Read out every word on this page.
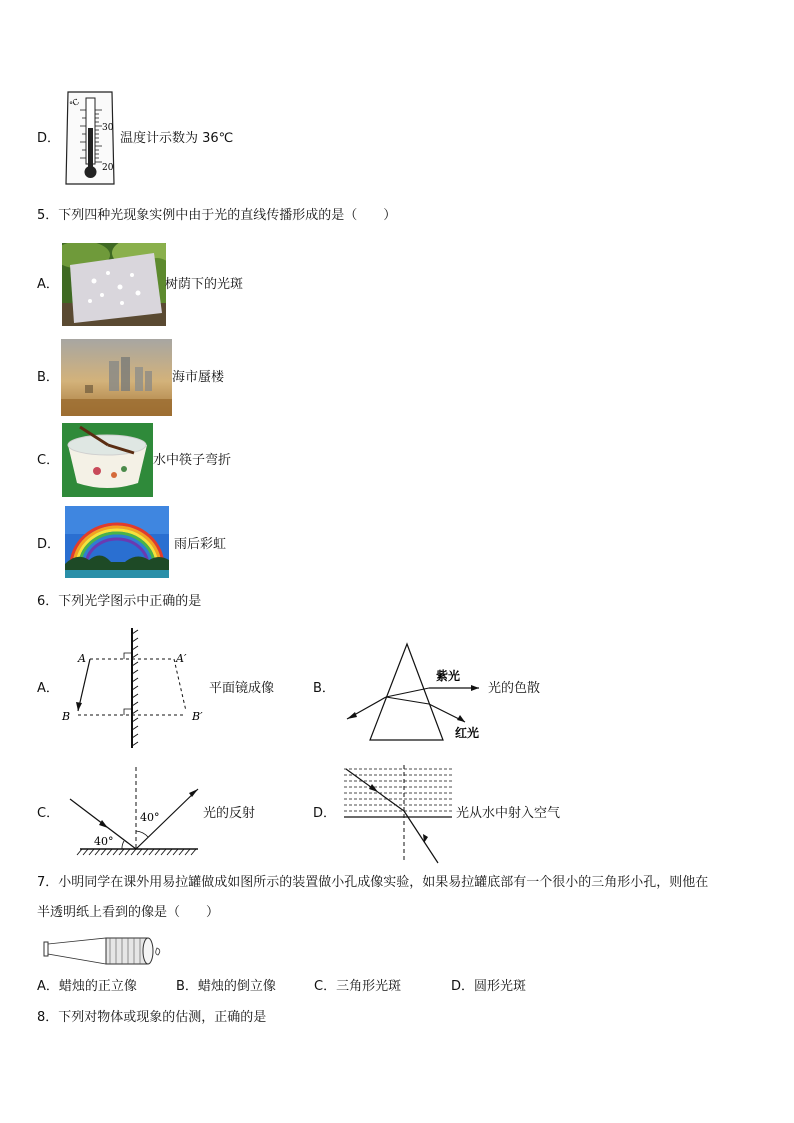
D．
℃
30
20
温度计示数为 36℃
5．下列四种光现象实例中由于光的直线传播形成的是（　　）
A．	树荫下的光斑
B．	海市蜃楼
C．	水中筷子弯折
D．	雨后彩虹
6．下列光学图示中正确的是
A．
A	A′
B	B′
平面镜成像	B．
紫光
红光
光的色散
C．	40°
40°
光的反射	D．	光从水中射入空气
7．小明同学在课外用易拉罐做成如图所示的装置做小孔成像实验，如果易拉罐底部有一个很小的三角形小孔，则他在
半透明纸上看到的像是（　　）
A．蜡烛的正立像	B．蜡烛的倒立像	C．三角形光斑	D．圆形光斑
8．下列对物体或现象的估测，正确的是
